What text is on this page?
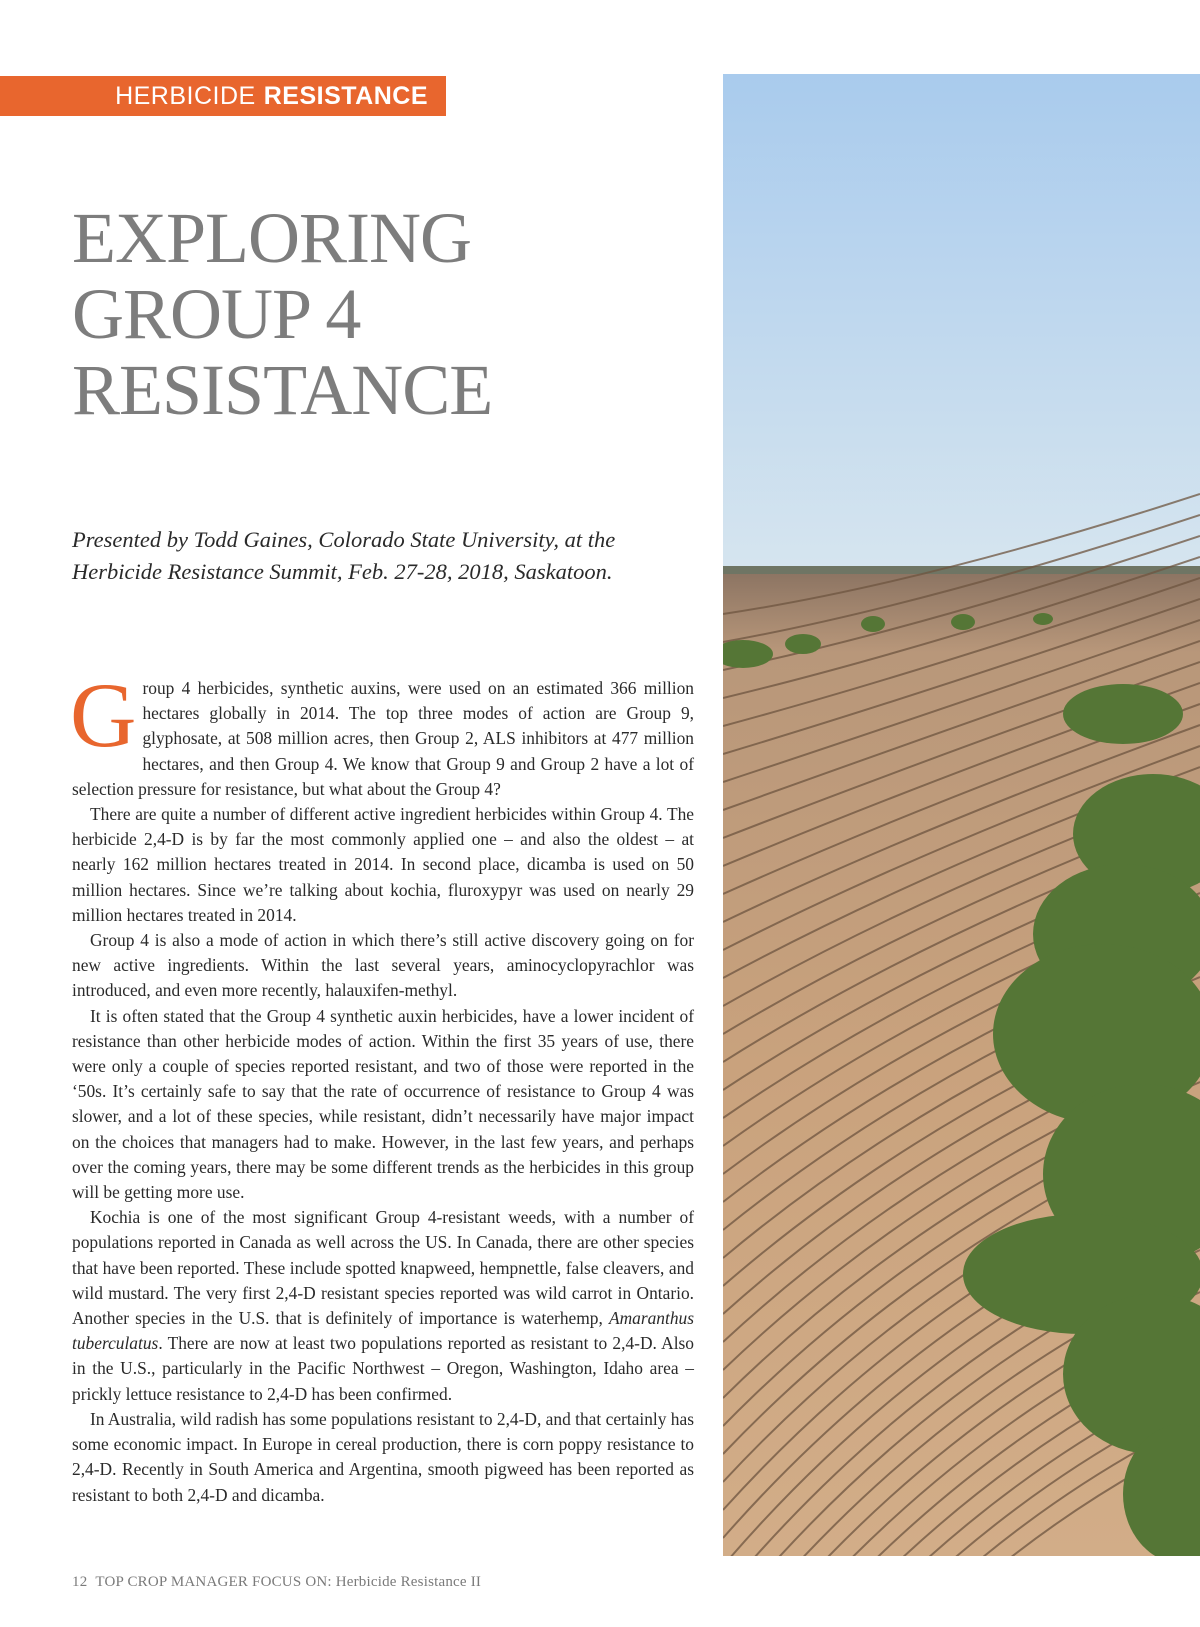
HERBICIDE RESISTANCE
EXPLORING
GROUP 4
RESISTANCE

Presented by Todd Gaines, Colorado State University, at the
Herbicide Resistance Summit, Feb. 27-28, 2018, Saskatoon.

Group 4 herbicides, synthetic auxins, were used on an estimated 366 million hectares globally in 2014. The top three modes of action are Group 9, glyphosate, at 508 million acres, then Group 2, ALS inhibitors at 477 million hectares, and then Group 4. We know that Group 9 and Group 2 have a lot of selection pressure for resistance, but what about the Group 4?

There are quite a number of different active ingredient herbicides within Group 4. The herbicide 2,4-D is by far the most commonly applied one – and also the oldest – at nearly 162 million hectares treated in 2014. In second place, dicamba is used on 50 million hectares. Since we’re talking about kochia, fluroxypyr was used on nearly 29 million hectares treated in 2014.

Group 4 is also a mode of action in which there’s still active discovery going on for new active ingredients. Within the last several years, aminocyclopyrachlor was introduced, and even more recently, halauxifen-methyl.

It is often stated that the Group 4 synthetic auxin herbicides, have a lower incident of resistance than other herbicide modes of action. Within the first 35 years of use, there were only a couple of species reported resistant, and two of those were reported in the ‘50s. It’s certainly safe to say that the rate of occurrence of resistance to Group 4 was slower, and a lot of these species, while resistant, didn’t necessarily have major impact on the choices that managers had to make. However, in the last few years, and perhaps over the coming years, there may be some different trends as the herbicides in this group will be getting more use.

Kochia is one of the most significant Group 4-resistant weeds, with a number of populations reported in Canada as well across the US. In Canada, there are other species that have been reported. These include spotted knapweed, hempnettle, false cleavers, and wild mustard. The very first 2,4-D resistant species reported was wild carrot in Ontario. Another species in the U.S. that is definitely of importance is waterhemp, Amaranthus tuberculatus. There are now at least two populations reported as resistant to 2,4-D. Also in the U.S., particularly in the Pacific Northwest – Oregon, Washington, Idaho area – prickly lettuce resistance to 2,4-D has been confirmed.

In Australia, wild radish has some populations resistant to 2,4-D, and that certainly has some economic impact. In Europe in cereal production, there is corn poppy resistance to 2,4-D. Recently in South America and Argentina, smooth pigweed has been reported as resistant to both 2,4-D and dicamba.

12 TOP CROP MANAGER FOCUS ON: Herbicide Resistance II
